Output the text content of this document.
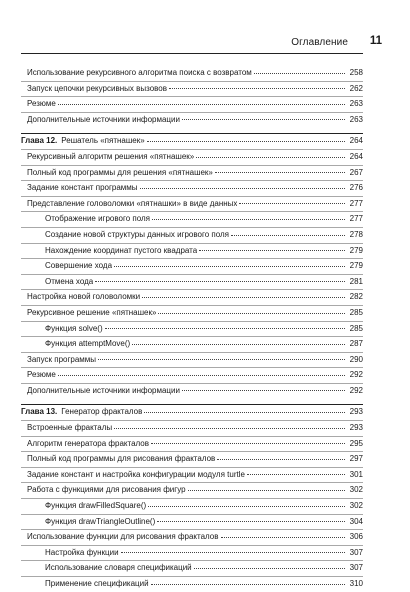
Оглавление 11
Использование рекурсивного алгоритма поиска с возвратом	258
Запуск цепочки рекурсивных вызовов	262
Резюме	263
Дополнительные источники информации	263
Глава 12. Решатель «пятнашек»	264
Рекурсивный алгоритм решения «пятнашек»	264
Полный код программы для решения «пятнашек»	267
Задание констант программы	276
Представление головоломки «пятнашки» в виде данных	277
Отображение игрового поля	277
Создание новой структуры данных игрового поля	278
Нахождение координат пустого квадрата	279
Совершение хода	279
Отмена хода	281
Настройка новой головоломки	282
Рекурсивное решение «пятнашек»	285
Функция solve()	285
Функция attemptMove()	287
Запуск программы	290
Резюме	292
Дополнительные источники информации	292
Глава 13. Генератор фракталов	293
Встроенные фракталы	293
Алгоритм генератора фракталов	295
Полный код программы для рисования фракталов	297
Задание констант и настройка конфигурации модуля turtle	301
Работа с функциями для рисования фигур	302
Функция drawFilledSquare()	302
Функция drawTriangleOutline()	304
Использование функции для рисования фракталов	306
Настройка функции	307
Использование словаря спецификаций	307
Применение спецификаций	310
